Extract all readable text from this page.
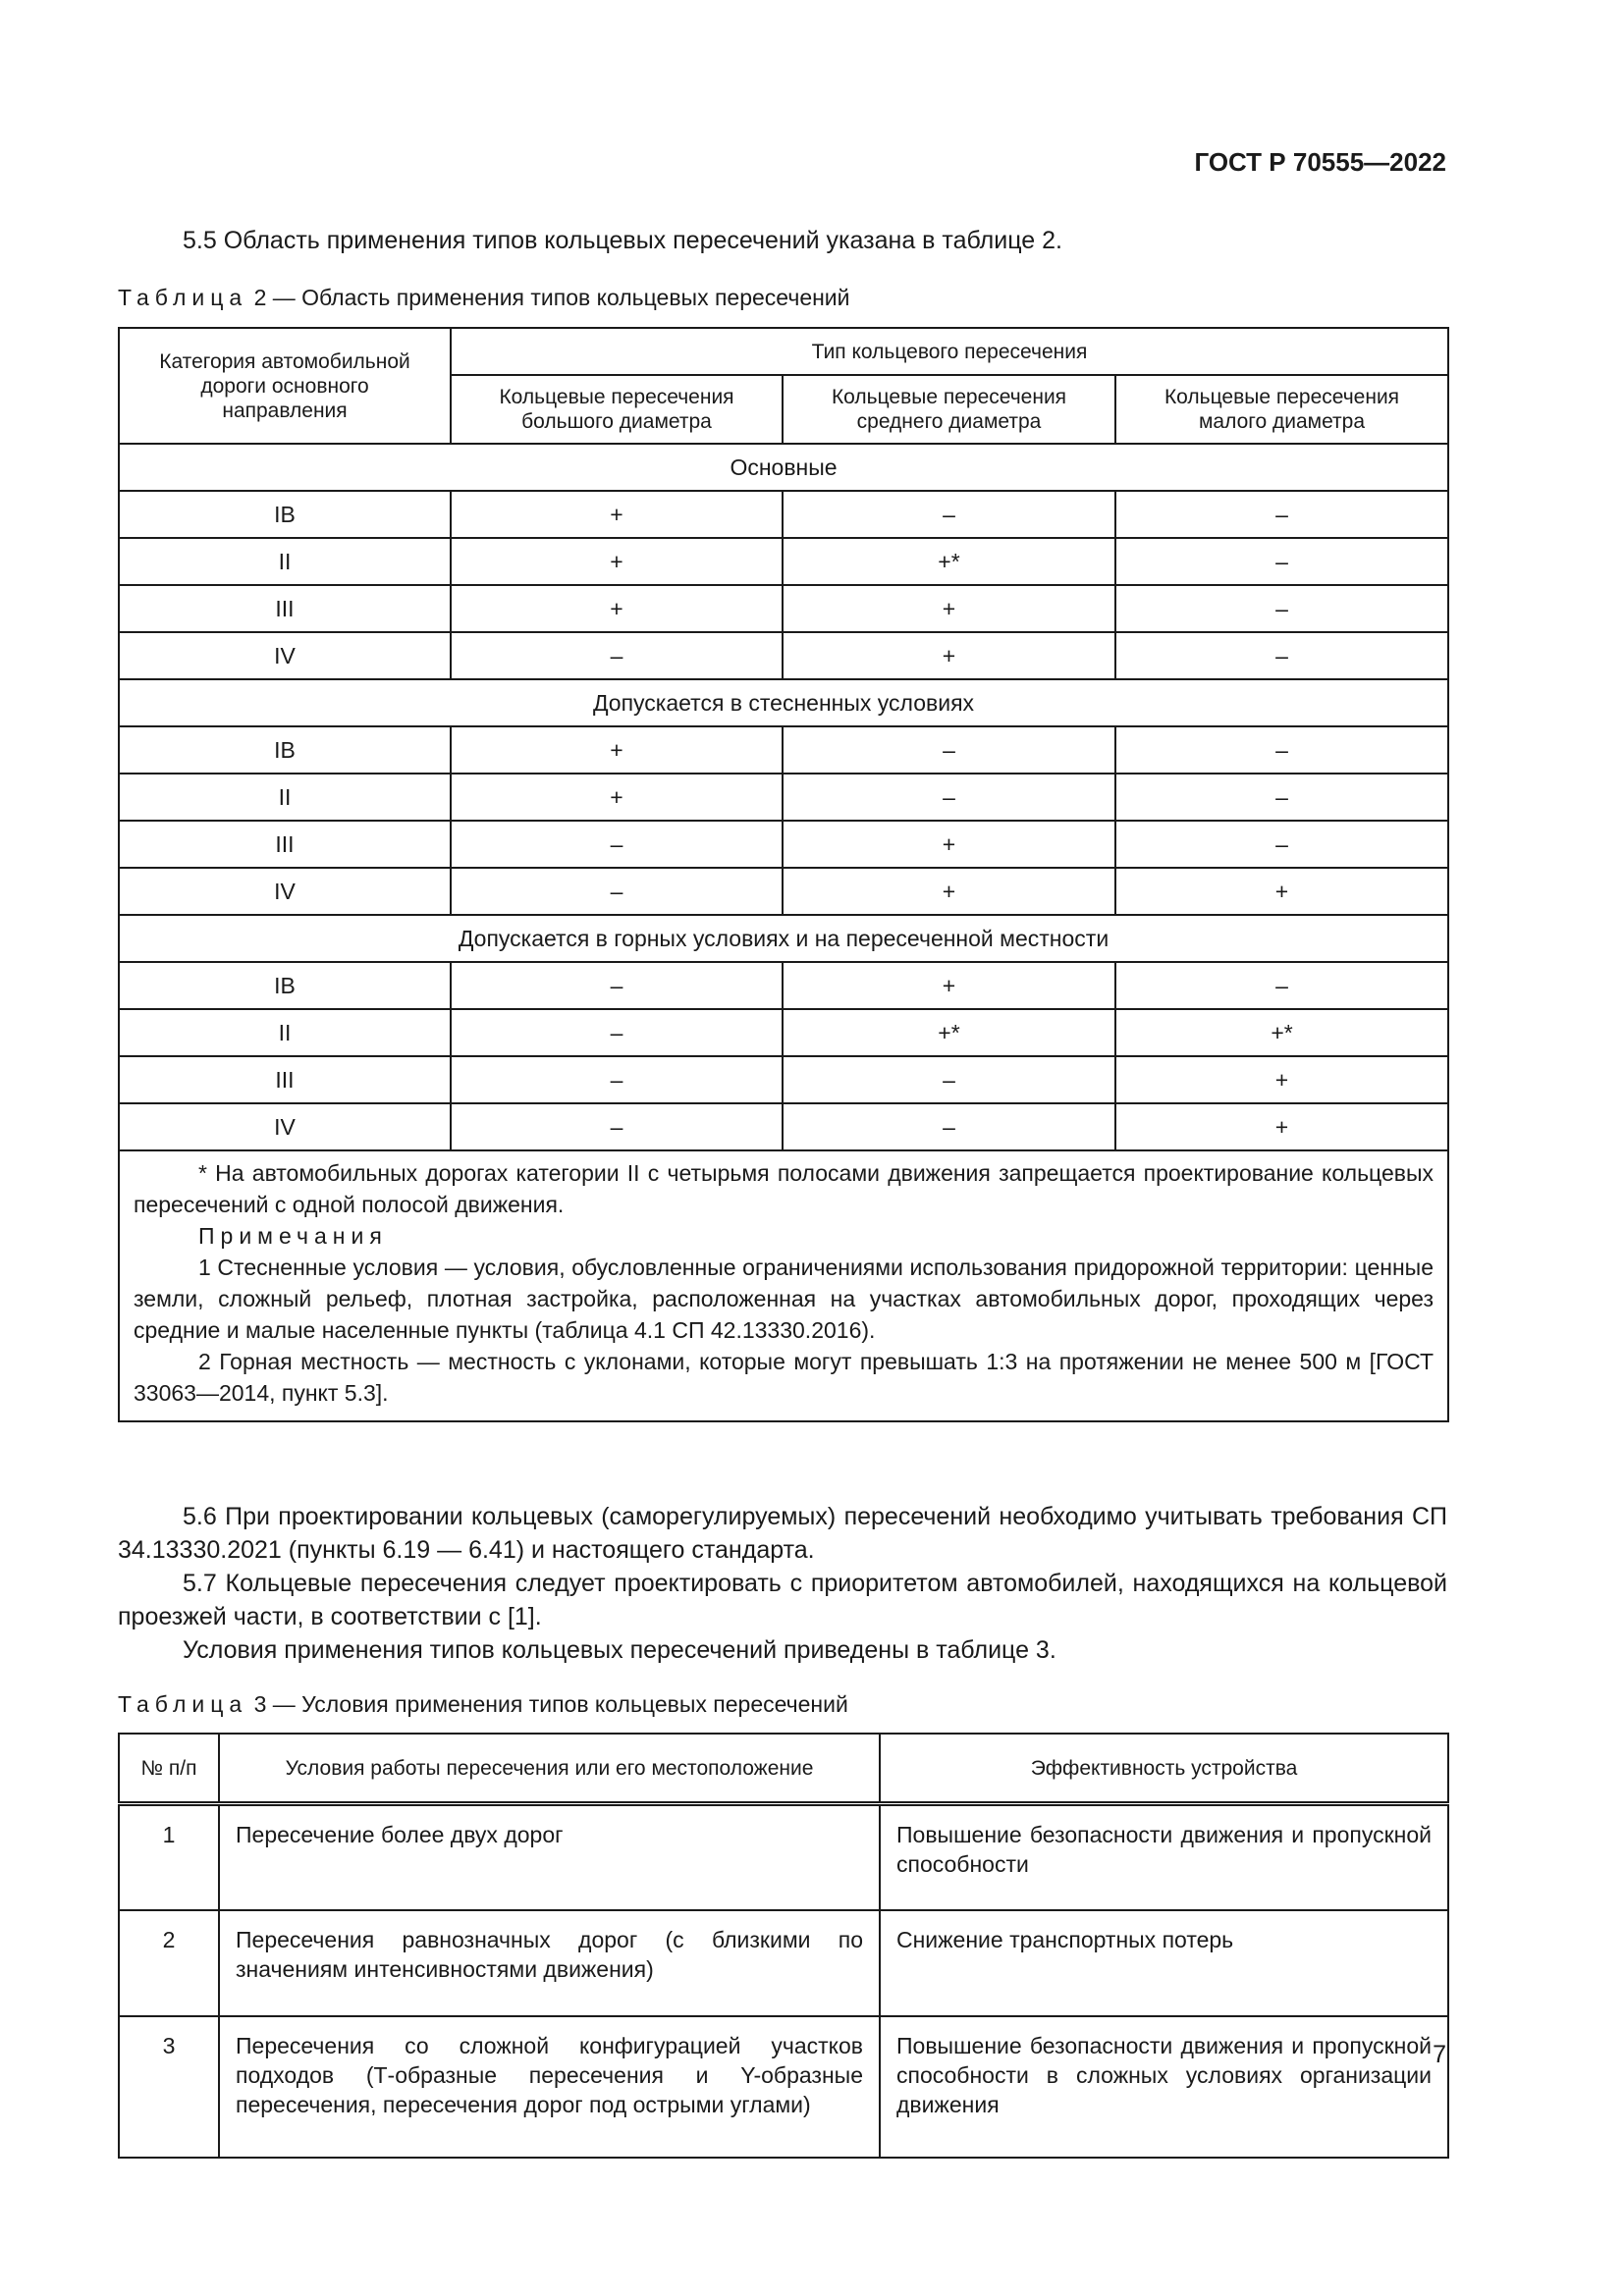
ГОСТ Р 70555—2022
5.5 Область применения типов кольцевых пересечений указана в таблице 2.
Таблица 2 — Область применения типов кольцевых пересечений
Категория автомобильной дороги основного направления	Тип кольцевого пересечения		
	Кольцевые пересечения большого диаметра	Кольцевые пересечения среднего диаметра	Кольцевые пересечения малого диаметра
Основные			
IB	+	–	–
II	+	+*	–
III	+	+	–
IV	–	+	–
Допускается в стесненных условиях			
IB	+	–	–
II	+	–	–
III	–	+	–
IV	–	+	+
Допускается в горных условиях и на пересеченной местности			
IB	–	+	–
II	–	+*	+*
III	–	–	+
IV	–	–	+

* На автомобильных дорогах категории II с четырьмя полосами движения запрещается проектирование кольцевых пересечений с одной полосой движения.

Примечания

1 Стесненные условия — условия, обусловленные ограничениями использования придорожной территории: ценные земли, сложный рельеф, плотная застройка, расположенная на участках автомобильных дорог, проходящих через средние и малые населенные пункты (таблица 4.1 СП 42.13330.2016).

2 Горная местность — местность с уклонами, которые могут превышать 1:3 на протяжении не менее 500 м [ГОСТ 33063—2014, пункт 5.3].			

5.6 При проектировании кольцевых (саморегулируемых) пересечений необходимо учитывать требования СП 34.13330.2021 (пункты 6.19 — 6.41) и настоящего стандарта.
5.7 Кольцевые пересечения следует проектировать с приоритетом автомобилей, находящихся на кольцевой проезжей части, в соответствии с [1].
Условия применения типов кольцевых пересечений приведены в таблице 3.
Таблица 3 — Условия применения типов кольцевых пересечений
№ п/п	Условия работы пересечения или его местоположение	Эффективность устройства
1	Пересечение более двух дорог	Повышение безопасности движения и пропускной способности
2	Пересечения равнозначных дорог (с близкими по значениям интенсивностями движения)	Снижение транспортных потерь
3	Пересечения со сложной конфигурацией участков подходов (Т-образные пересечения и Y-образные пересечения, пересечения дорог под острыми углами)	Повышение безопасности движения и пропускной способности в сложных условиях организации движения
7
